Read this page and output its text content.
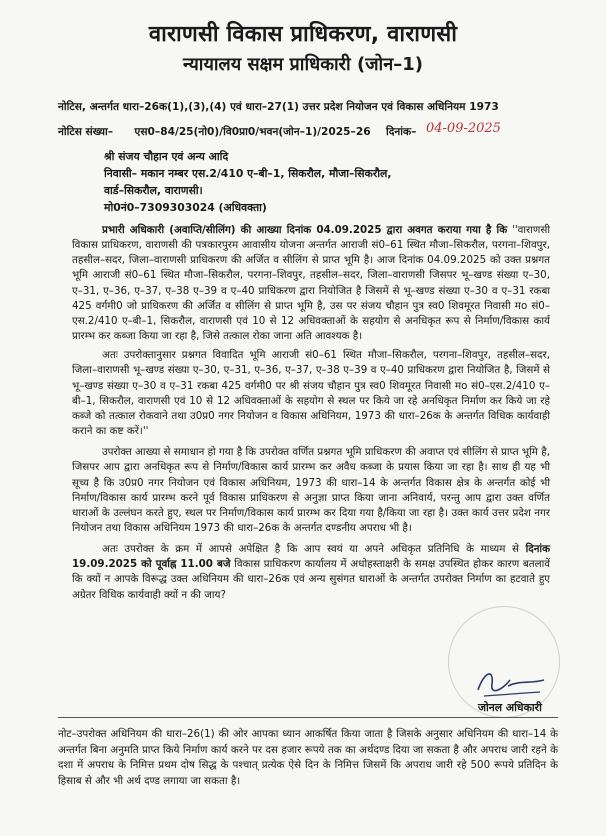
वाराणसी विकास प्राधिकरण, वाराणसी
न्यायालय सक्षम प्राधिकारी (जोन–1)
नोटिस, अन्तर्गत धारा–26क(1),(3),(4) एवं धारा–27(1) उत्तर प्रदेश नियोजन एवं विकास अधिनियम 1973
नोटिस संख्या– एस0–84/25(नो0)/वि0प्रा0/भवन(जोन–1)/2025–26 दिनांक– 04-09-2025
श्री संजय चौहान एवं अन्य आदि
निवासी– मकान नम्बर एस.2/410 ए–बी–1, सिकरौल, मौजा–सिकरौल,
वार्ड–सिकरौल, वाराणसी।
मो0नं0–7309303024 (अधिवक्ता)

प्रभारी अधिकारी (अवाप्ति/सीलिंग) की आख्या दिनांक 04.09.2025 द्वारा अवगत कराया गया है कि ''वाराणसी विकास प्राधिकरण, वाराणसी की पत्रकारपुरम आवासीय योजना अन्तर्गत आराजी सं0–61 स्थित मौजा–सिकरौल, परगना–शिवपुर, तहसील–सदर, जिला–वाराणसी प्राधिकरण की अर्जित व सीलिंग से प्राप्त भूमि है। आज दिनांक 04.09.2025 को उक्त प्रश्नगत भूमि आराजी सं0–61 स्थित मौजा–सिकरौल, परगना–शिवपुर, तहसील–सदर, जिला–वाराणसी जिसपर भू–खण्ड संख्या ए–30, ए–31, ए–36, ए–37, ए–38 ए–39 व ए–40 प्राधिकरण द्वारा नियोजित है जिसमें से भू–खण्ड संख्या ए–30 व ए–31 रकबा 425 वर्गमी0 जो प्राधिकरण की अर्जित व सीलिंग से प्राप्त भूमि है, उस पर संजय चौहान पुत्र स्व0 शिवमूरत निवासी मo सं0–एस.2/410 ए–बी–1, सिकरौल, वाराणसी एवं 10 से 12 अधिवक्ताओं के सहयोग से अनधिकृत रूप से निर्माण/विकास कार्य प्रारम्भ कर कब्जा किया जा रहा है, जिसे तत्काल रोका जाना अति आवश्यक है।

अतः उपरोक्तानुसार प्रश्नगत विवादित भूमि आराजी सं0–61 स्थित मौजा–सिकरौल, परगना–शिवपुर, तहसील–सदर, जिला–वाराणसी भू–खण्ड संख्या ए–30, ए–31, ए–36, ए–37, ए–38 ए–39 व ए–40 प्राधिकरण द्वारा नियोजित है, जिसमें से भू–खण्ड संख्या ए–30 व ए–31 रकबा 425 वर्गमी0 पर श्री संजय चौहान पुत्र स्व0 शिवमूरत निवासी मo सं0–एस.2/410 ए–बी–1, सिकरौल, वाराणसी एवं 10 से 12 अधिवक्ताओं के सहयोग से स्थल पर किये जा रहे अनधिकृत निर्माण कर किये जा रहे कब्जे को तत्काल रोकवाने तथा उ0प्र0 नगर नियोजन व विकास अधिनियम, 1973 की धारा–26क के अन्तर्गत विधिक कार्यवाही कराने का कष्ट करें।''

उपरोक्त आख्या से समाधान हो गया है कि उपरोक्त वर्णित प्रश्नगत भूमि प्राधिकरण की अवाप्त एवं सीलिंग से प्राप्त भूमि है, जिसपर आप द्वारा अनधिकृत रूप से निर्माण/विकास कार्य प्रारम्भ कर अवैध कब्जा के प्रयास किया जा रहा है। साथ ही यह भी सूच्य है कि उ0प्र0 नगर नियोजन एवं विकास अधिनियम, 1973 की धारा–14 के अन्तर्गत विकास क्षेत्र के अन्तर्गत कोई भी निर्माण/विकास कार्य प्रारम्भ करने पूर्व विकास प्राधिकरण से अनुज्ञा प्राप्त किया जाना अनिवार्य, परन्तु आप द्वारा उक्त वर्णित धाराओं के उल्लंघन करते हुए, स्थल पर निर्माण/विकास कार्य प्रारम्भ कर दिया गया है/किया जा रहा है। उक्त कार्य उत्तर प्रदेश नगर नियोजन तथा विकास अधिनियम 1973 की धारा–26क के अन्तर्गत दण्डनीय अपराध भी है।

अतः उपरोक्त के क्रम में आपसे अपेक्षित है कि आप स्वयं या अपने अधिकृत प्रतिनिधि के माध्यम से दिनांक 19.09.2025 को पूर्वाह्न 11.00 बजे विकास प्राधिकरण कार्यालय में अधोहस्ताक्षरी के समक्ष उपस्थित होकर कारण बतलावें कि क्यों न आपके विरूद्ध उक्त अधिनियम की धारा–26क एवं अन्य सुसंगत धाराओं के अन्तर्गत उपरोक्त निर्माण का हटवाते हुए अग्रेतर विधिक कार्यवाही क्यों न की जाय?

जोनल अधिकारी
नोट–उपरोक्त अधिनियम की धारा–26(1) की ओर आपका ध्यान आकर्षित किया जाता है जिसके अनुसार अधिनियम की धारा–14 के अन्तर्गत बिना अनुमति प्राप्त किये निर्माण कार्य करने पर दस हजार रूपये तक का अर्थदण्ड दिया जा सकता है और अपराध जारी रहने के दशा में अपराध के निमित्त प्रथम दोष सिद्ध के पश्चात् प्रत्येक ऐसे दिन के निमित्त जिसमें कि अपराध जारी रहे 500 रूपये प्रतिदिन के हिसाब से और भी अर्थ दण्ड लगाया जा सकता है।
